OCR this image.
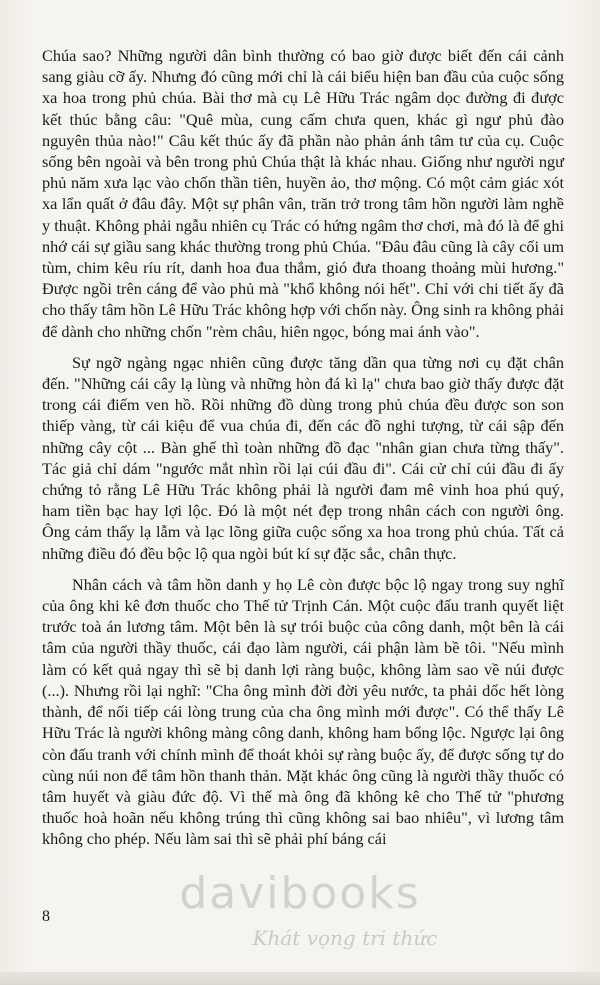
Chúa sao? Những người dân bình thường có bao giờ được biết đến cái cảnh sang giàu cỡ ấy. Nhưng đó cũng mới chỉ là cái biểu hiện ban đầu của cuộc sống xa hoa trong phủ chúa. Bài thơ mà cụ Lê Hữu Trác ngâm dọc đường đi được kết thúc bằng câu: "Quê mùa, cung cấm chưa quen, khác gì ngư phủ đào nguyên thủa nào!" Câu kết thúc ấy đã phần nào phản ánh tâm tư của cụ. Cuộc sống bên ngoài và bên trong phủ Chúa thật là khác nhau. Giống như người ngư phủ năm xưa lạc vào chốn thần tiên, huyền ảo, thơ mộng. Có một cảm giác xót xa lẩn quất ở đâu đây. Một sự phân vân, trăn trở trong tâm hồn người làm nghề y thuật. Không phải ngẫu nhiên cụ Trác có hứng ngâm thơ chơi, mà đó là để ghi nhớ cái sự giầu sang khác thường trong phủ Chúa. "Đâu đâu cũng là cây cối um tùm, chim kêu ríu rít, danh hoa đua thắm, gió đưa thoang thoảng mùi hương." Được ngồi trên cáng để vào phủ mà "khổ không nói hết". Chỉ với chi tiết ấy đã cho thấy tâm hồn Lê Hữu Trác không hợp với chốn này. Ông sinh ra không phải để dành cho những chốn "rèm châu, hiên ngọc, bóng mai ánh vào".

Sự ngỡ ngàng ngạc nhiên cũng được tăng dần qua từng nơi cụ đặt chân đến. "Những cái cây lạ lùng và những hòn đá kì lạ" chưa bao giờ thấy được đặt trong cái điếm ven hồ. Rồi những đồ dùng trong phủ chúa đều được son son thiếp vàng, từ cái kiệu để vua chúa đi, đến các đồ nghi tượng, từ cái sập đến những cây cột ... Bàn ghế thì toàn những đồ đạc "nhân gian chưa từng thấy". Tác giả chỉ dám "ngước mắt nhìn rồi lại cúi đầu đi". Cái cử chỉ cúi đầu đi ấy chứng tỏ rằng Lê Hữu Trác không phải là người đam mê vinh hoa phú quý, ham tiền bạc hay lợi lộc. Đó là một nét đẹp trong nhân cách con người ông. Ông cảm thấy lạ lẫm và lạc lõng giữa cuộc sống xa hoa trong phủ chúa. Tất cả những điều đó đều bộc lộ qua ngòi bút kí sự đặc sắc, chân thực.

Nhân cách và tâm hồn danh y họ Lê còn được bộc lộ ngay trong suy nghĩ của ông khi kê đơn thuốc cho Thế tử Trịnh Cán. Một cuộc đấu tranh quyết liệt trước toà án lương tâm. Một bên là sự trói buộc của công danh, một bên là cái tâm của người thầy thuốc, cái đạo làm người, cái phận làm bề tôi. "Nếu mình làm có kết quả ngay thì sẽ bị danh lợi ràng buộc, không làm sao về núi được (...). Nhưng rồi lại nghĩ: "Cha ông mình đời đời yêu nước, ta phải dốc hết lòng thành, để nối tiếp cái lòng trung của cha ông mình mới được". Có thể thấy Lê Hữu Trác là người không màng công danh, không ham bổng lộc. Ngược lại ông còn đấu tranh với chính mình để thoát khỏi sự ràng buộc ấy, để được sống tự do cùng núi non để tâm hồn thanh thản. Mặt khác ông cũng là người thầy thuốc có tâm huyết và giàu đức độ. Vì thế mà ông đã không kê cho Thế tử "phương thuốc hoà hoãn nếu không trúng thì cũng không sai bao nhiêu", vì lương tâm không cho phép. Nếu làm sai thì sẽ phải phí báng cái

8	davibooks
Khát vọng tri thức
